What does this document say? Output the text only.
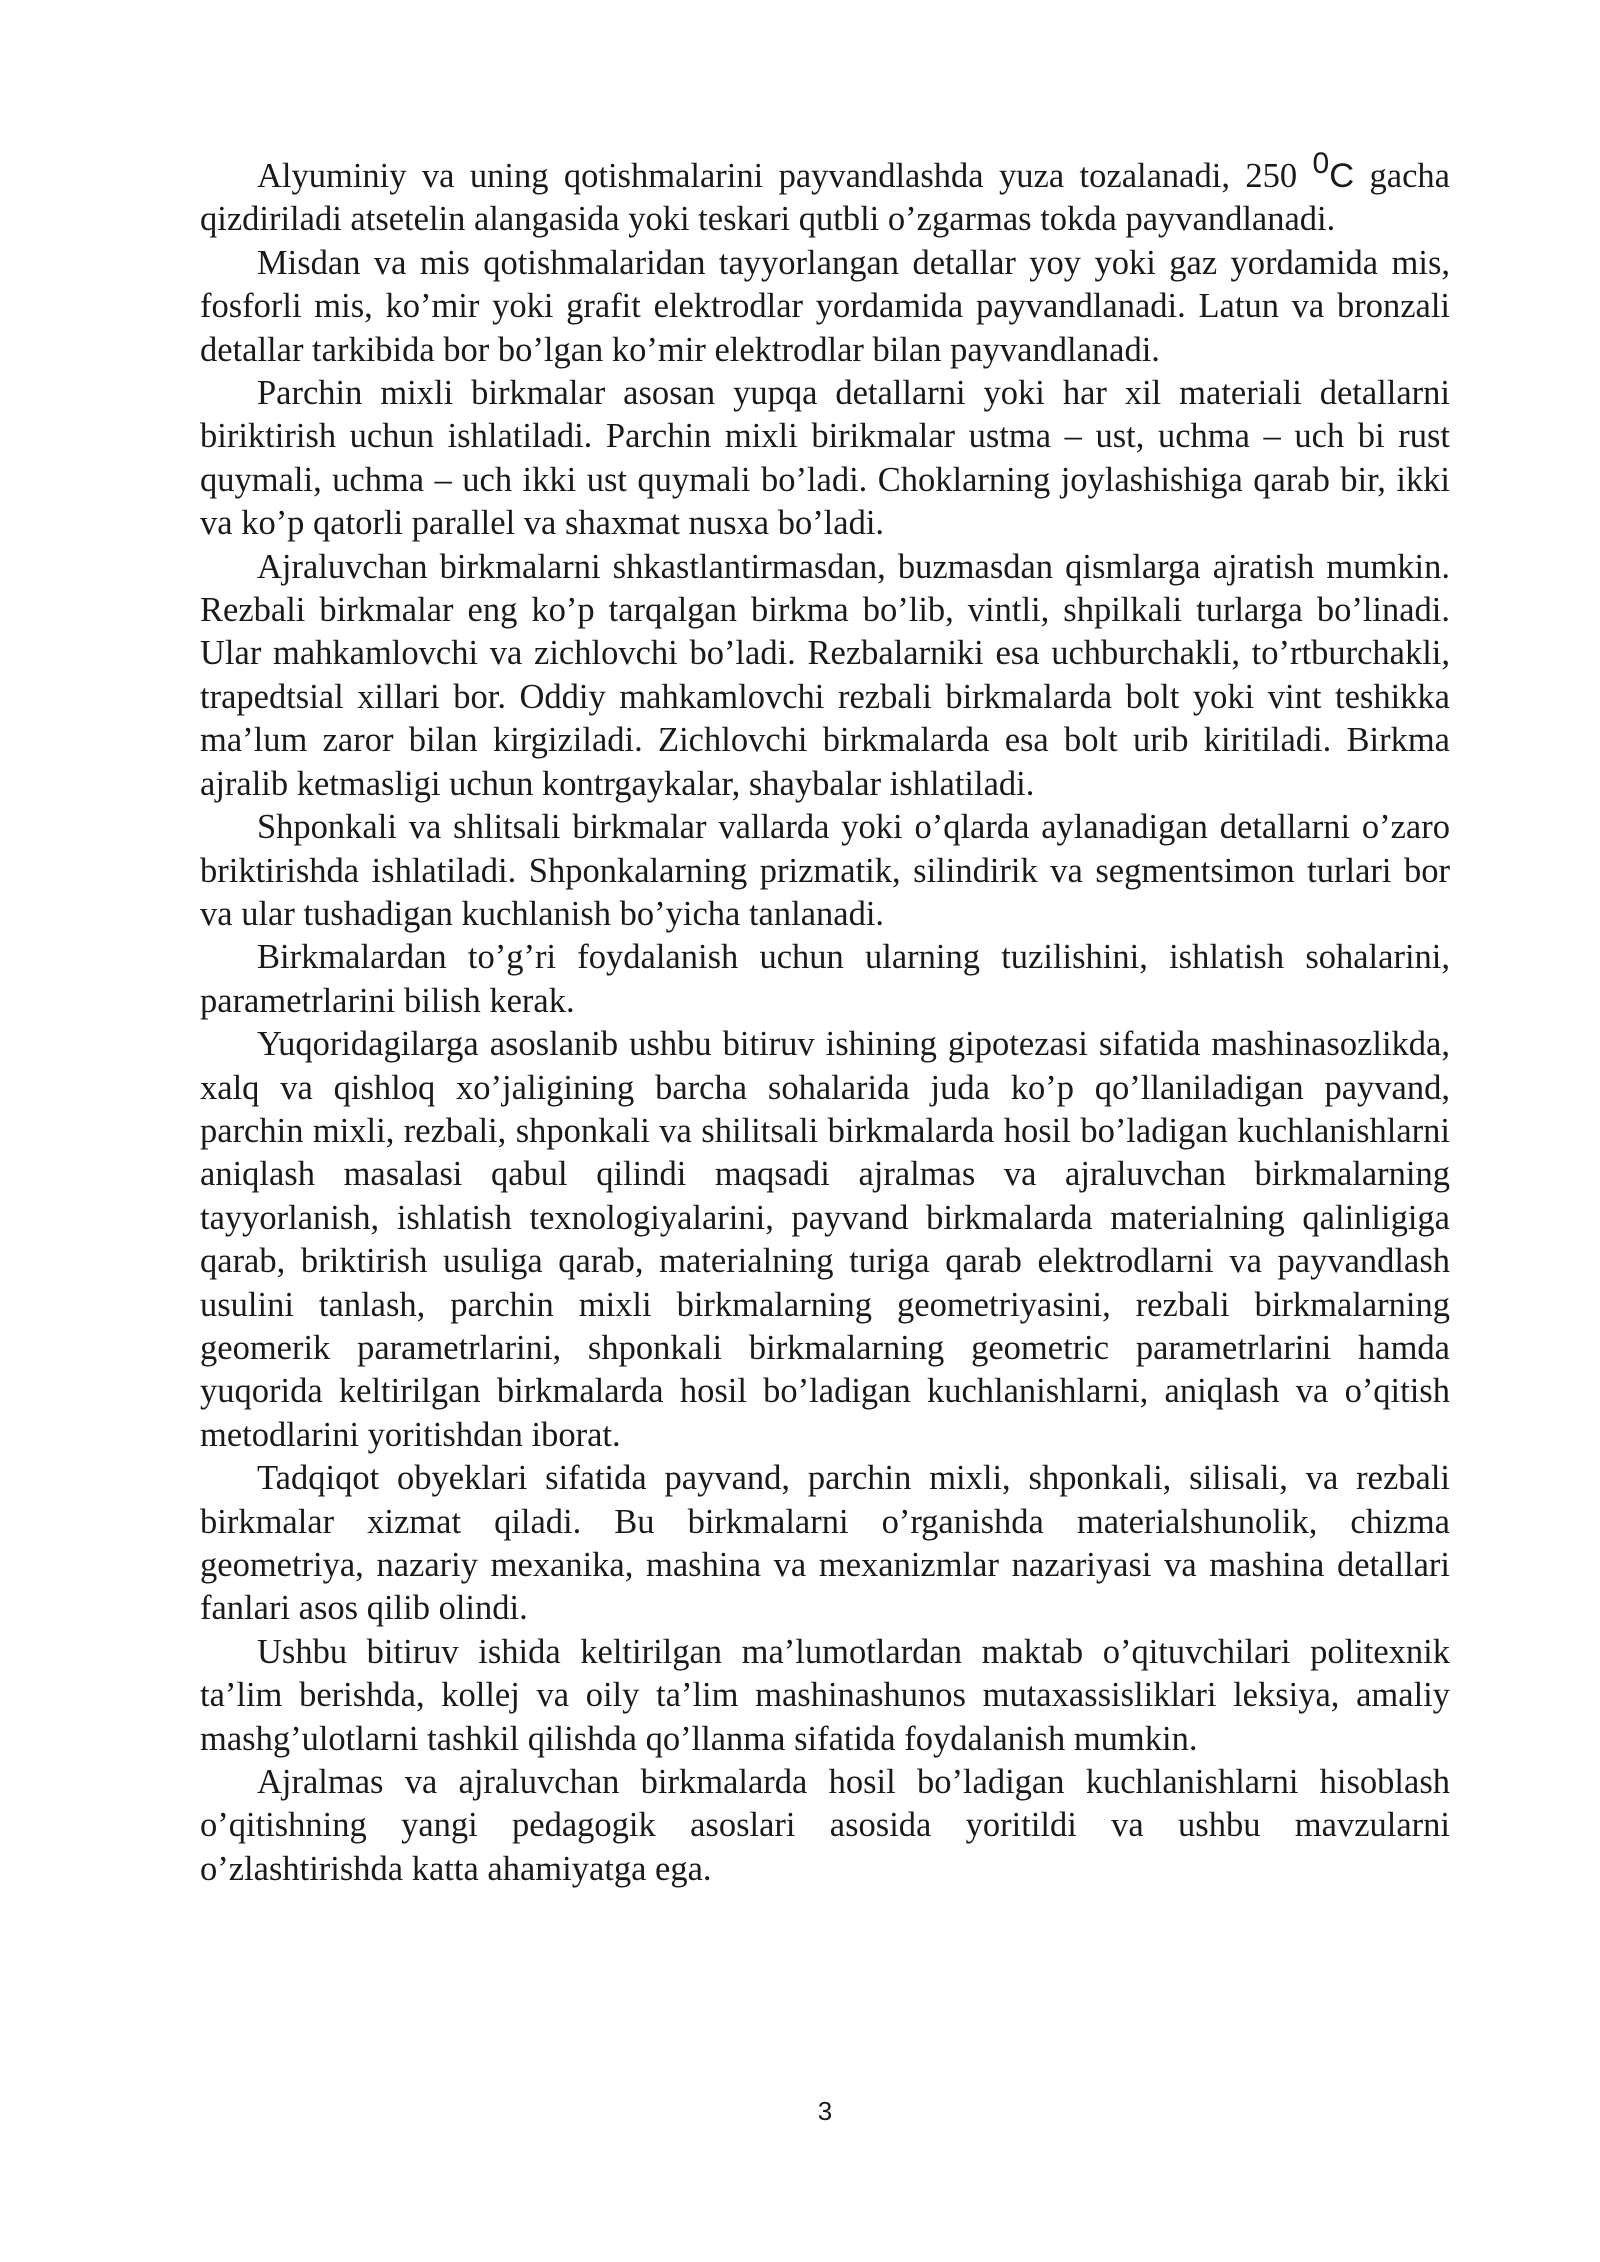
Alyuminiy va uning qotishmalarini payvandlashda yuza tozalanadi, 250 0C gacha qizdiriladi atsetelin alangasida yoki teskari qutbli o’zgarmas tokda payvandlanadi.

Misdan va mis qotishmalaridan tayyorlangan detallar yoy yoki gaz yordamida mis, fosforli mis, ko’mir yoki grafit elektrodlar yordamida payvandlanadi. Latun va bronzali detallar tarkibida bor bo’lgan ko’mir elektrodlar bilan payvandlanadi.

Parchin mixli birkmalar asosan yupqa detallarni yoki har xil materiali detallarni biriktirish uchun ishlatiladi. Parchin mixli birikmalar ustma – ust, uchma – uch bi rust quymali, uchma – uch ikki ust quymali bo’ladi. Choklarning joylashishiga qarab bir, ikki va ko’p qatorli parallel va shaxmat nusxa bo’ladi.

Ajraluvchan birkmalarni shkastlantirmasdan, buzmasdan qismlarga ajratish mumkin. Rezbali birkmalar eng ko’p tarqalgan birkma bo’lib, vintli, shpilkali turlarga bo’linadi. Ular mahkamlovchi va zichlovchi bo’ladi. Rezbalarniki esa uchburchakli, to’rtburchakli, trapedtsial xillari bor. Oddiy mahkamlovchi rezbali birkmalarda bolt yoki vint teshikka ma’lum zaror bilan kirgiziladi. Zichlovchi birkmalarda esa bolt urib kiritiladi. Birkma ajralib ketmasligi uchun kontrgaykalar, shaybalar ishlatiladi.

Shponkali va shlitsali birkmalar vallarda yoki o’qlarda aylanadigan detallarni o’zaro briktirishda ishlatiladi. Shponkalarning prizmatik, silindirik va segmentsimon turlari bor va ular tushadigan kuchlanish bo’yicha tanlanadi.

Birkmalardan to’g’ri foydalanish uchun ularning tuzilishini, ishlatish sohalarini, parametrlarini bilish kerak.

Yuqoridagilarga asoslanib ushbu bitiruv ishining gipotezasi sifatida mashinasozlikda, xalq va qishloq xo’jaligining barcha sohalarida juda ko’p qo’llaniladigan payvand, parchin mixli, rezbali, shponkali va shilitsali birkmalarda hosil bo’ladigan kuchlanishlarni aniqlash masalasi qabul qilindi maqsadi ajralmas va ajraluvchan birkmalarning tayyorlanish, ishlatish texnologiyalarini, payvand birkmalarda materialning qalinligiga qarab, briktirish usuliga qarab, materialning turiga qarab elektrodlarni va payvandlash usulini tanlash, parchin mixli birkmalarning geometriyasini, rezbali birkmalarning geomerik parametrlarini, shponkali birkmalarning geometric parametrlarini hamda yuqorida keltirilgan birkmalarda hosil bo’ladigan kuchlanishlarni, aniqlash va o’qitish metodlarini yoritishdan iborat.

Tadqiqot obyeklari sifatida payvand, parchin mixli, shponkali, silisali, va rezbali birkmalar xizmat qiladi. Bu birkmalarni o’rganishda materialshunolik, chizma geometriya, nazariy mexanika, mashina va mexanizmlar nazariyasi va mashina detallari fanlari asos qilib olindi.

Ushbu bitiruv ishida keltirilgan ma’lumotlardan maktab o’qituvchilari politexnik ta’lim berishda, kollej va oily ta’lim mashinashunos mutaxassisliklari leksiya, amaliy mashg’ulotlarni tashkil qilishda qo’llanma sifatida foydalanish mumkin.

Ajralmas va ajraluvchan birkmalarda hosil bo’ladigan kuchlanishlarni hisoblash o’qitishning yangi pedagogik asoslari asosida yoritildi va ushbu mavzularni o’zlashtirishda katta ahamiyatga ega.

3
